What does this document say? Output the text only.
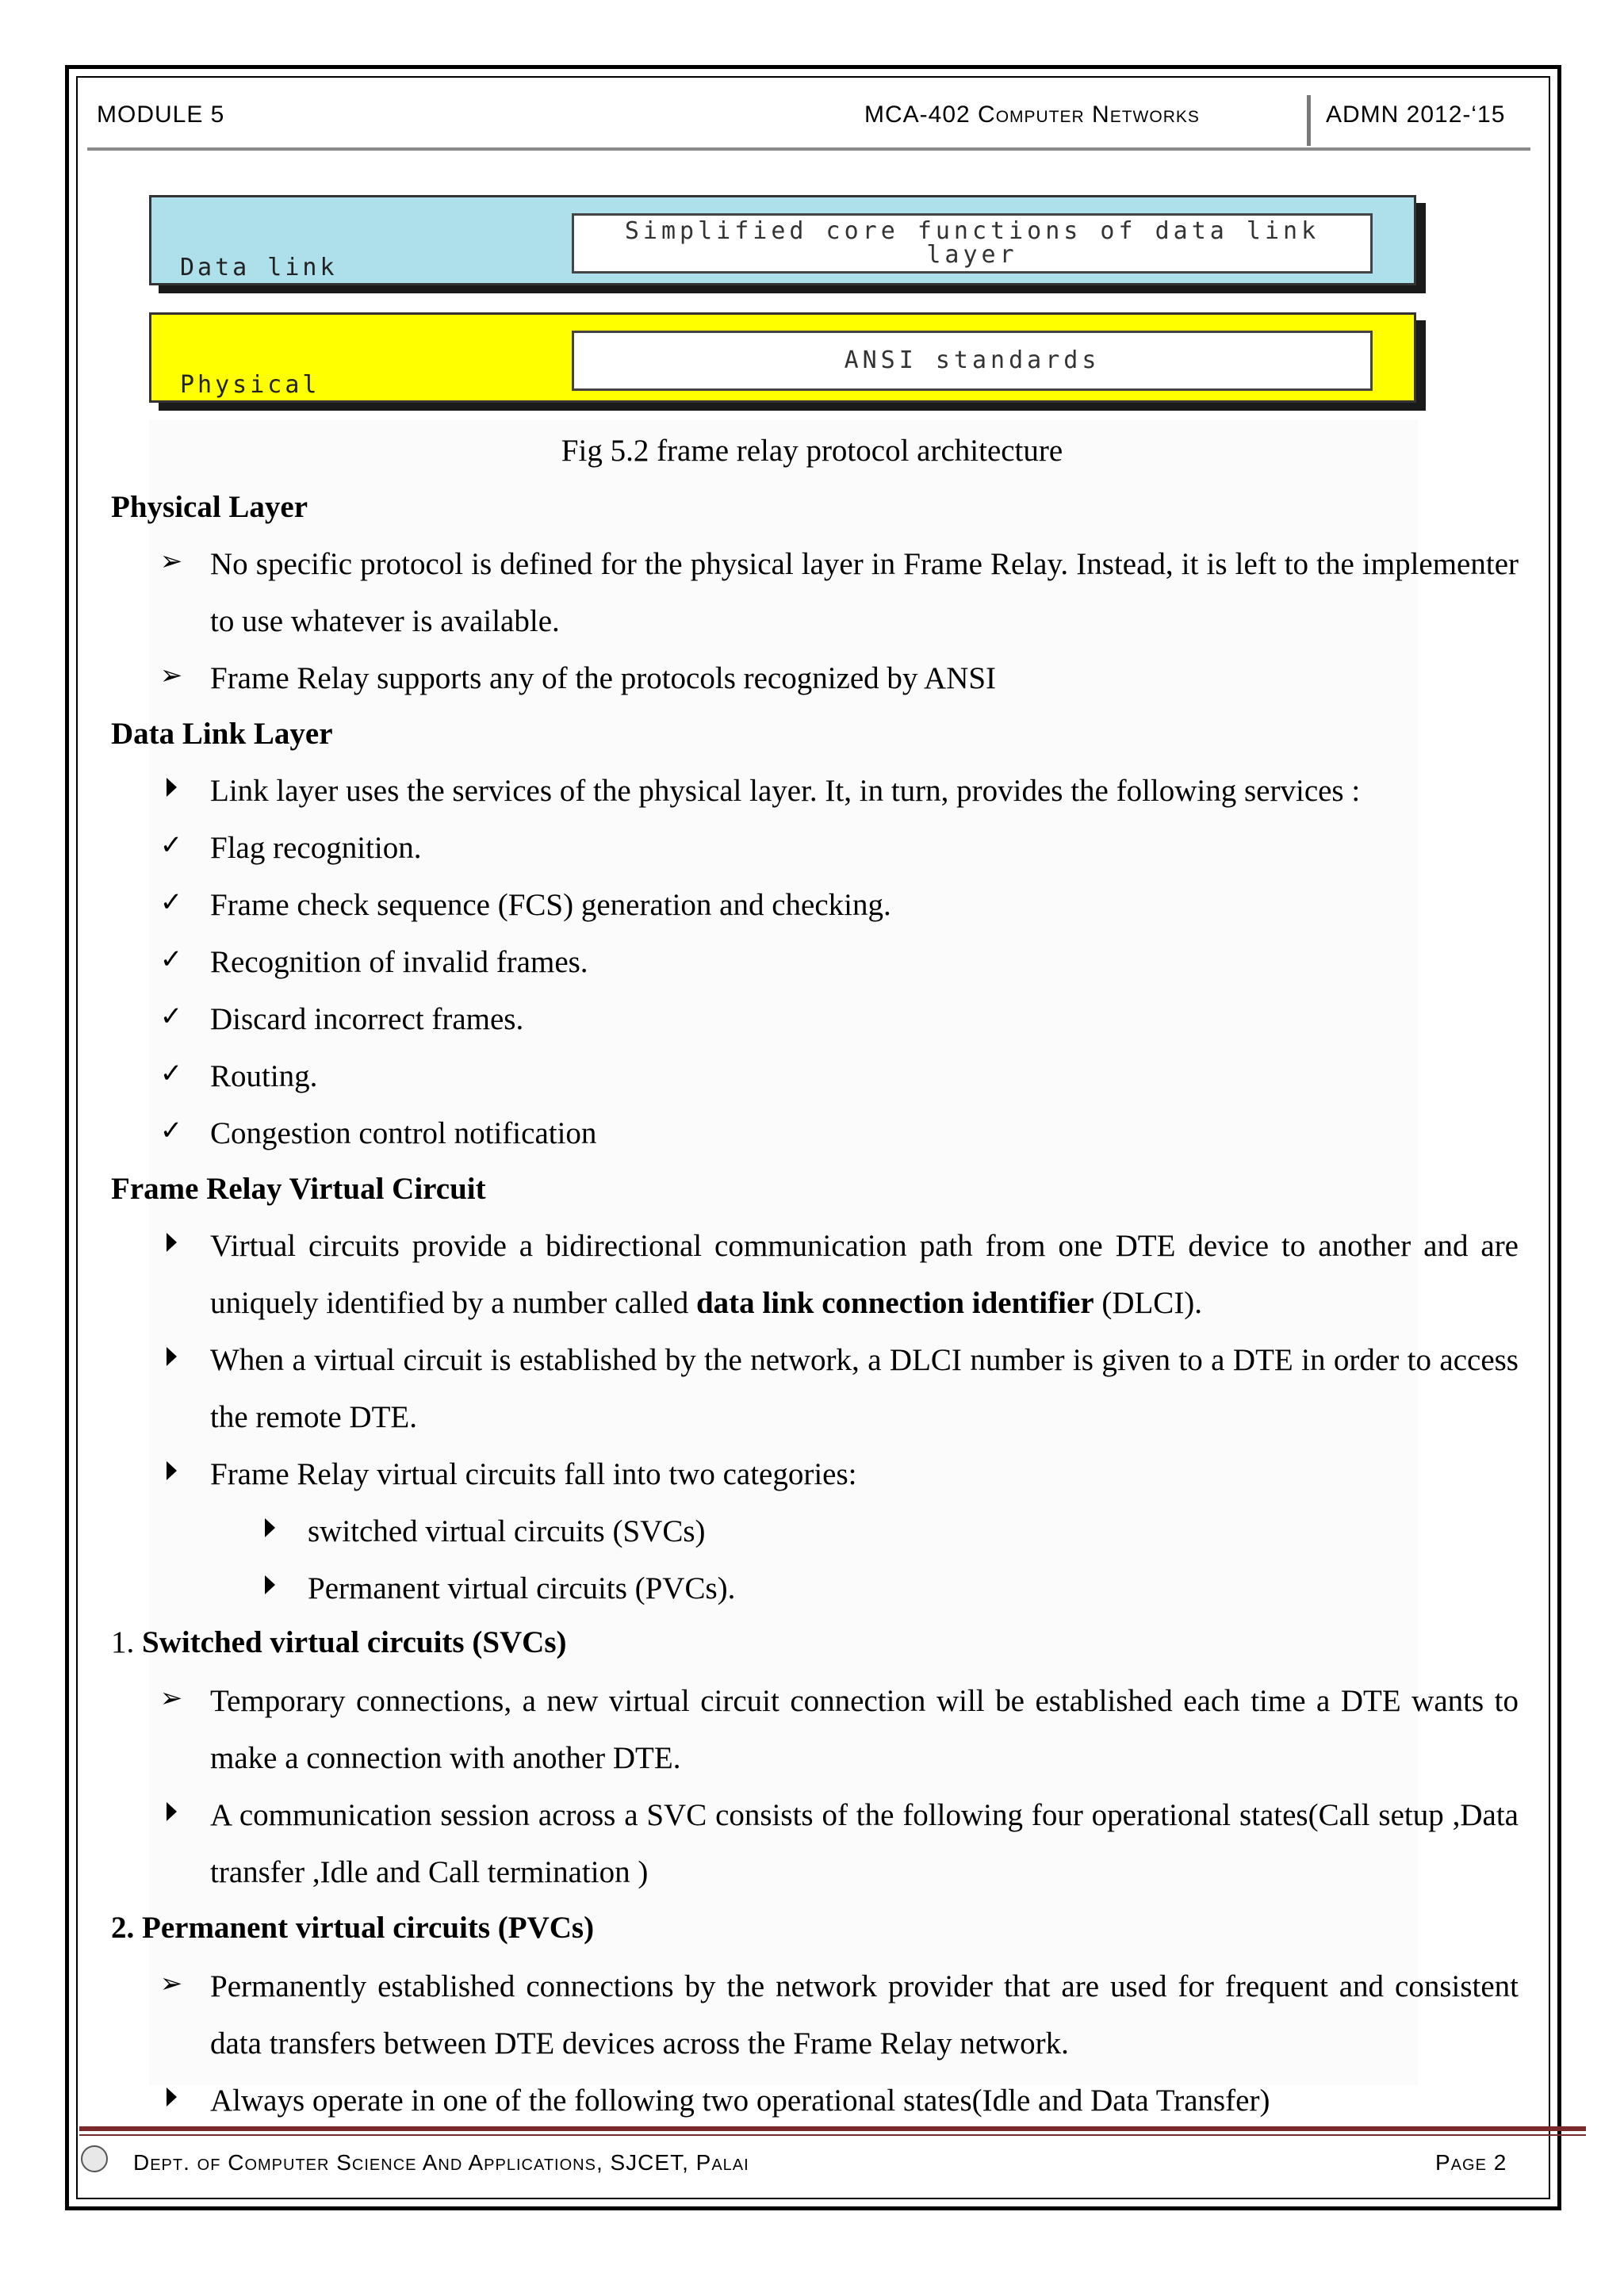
MODULE 5	MCA-402 Computer Networks	ADMN 2012-‘15
Simplified core functions of data link layer
Data link
ANSI standards
Physical
Fig 5.2 frame relay protocol architecture
Physical Layer
➢ No specific protocol is defined for the physical layer in Frame Relay. Instead, it is left to the implementer to use whatever is available.
➢ Frame Relay supports any of the protocols recognized by ANSI
Data Link Layer
Link layer uses the services of the physical layer. It, in turn, provides the following services :
✓ Flag recognition.
✓ Frame check sequence (FCS) generation and checking.
✓ Recognition of invalid frames.
✓ Discard incorrect frames.
✓ Routing.
✓ Congestion control notification
Frame Relay Virtual Circuit
Virtual circuits provide a bidirectional communication path from one DTE device to another and are uniquely identified by a number called data link connection identifier (DLCI).
When a virtual circuit is established by the network, a DLCI number is given to a DTE in order to access the remote DTE.
Frame Relay virtual circuits fall into two categories:
switched virtual circuits (SVCs)
Permanent virtual circuits (PVCs).
1. Switched virtual circuits (SVCs)
➢ Temporary connections, a new virtual circuit connection will be established each time a DTE wants to make a connection with another DTE.
A communication session across a SVC consists of the following four operational states(Call setup ,Data transfer ,Idle and Call termination )
2. Permanent virtual circuits (PVCs)
➢ Permanently established connections by the network provider that are used for frequent and consistent data transfers between DTE devices across the Frame Relay network.
Always operate in one of the following two operational states(Idle and Data Transfer)
Dept. of Computer Science And Applications, SJCET, Palai	Page 2
